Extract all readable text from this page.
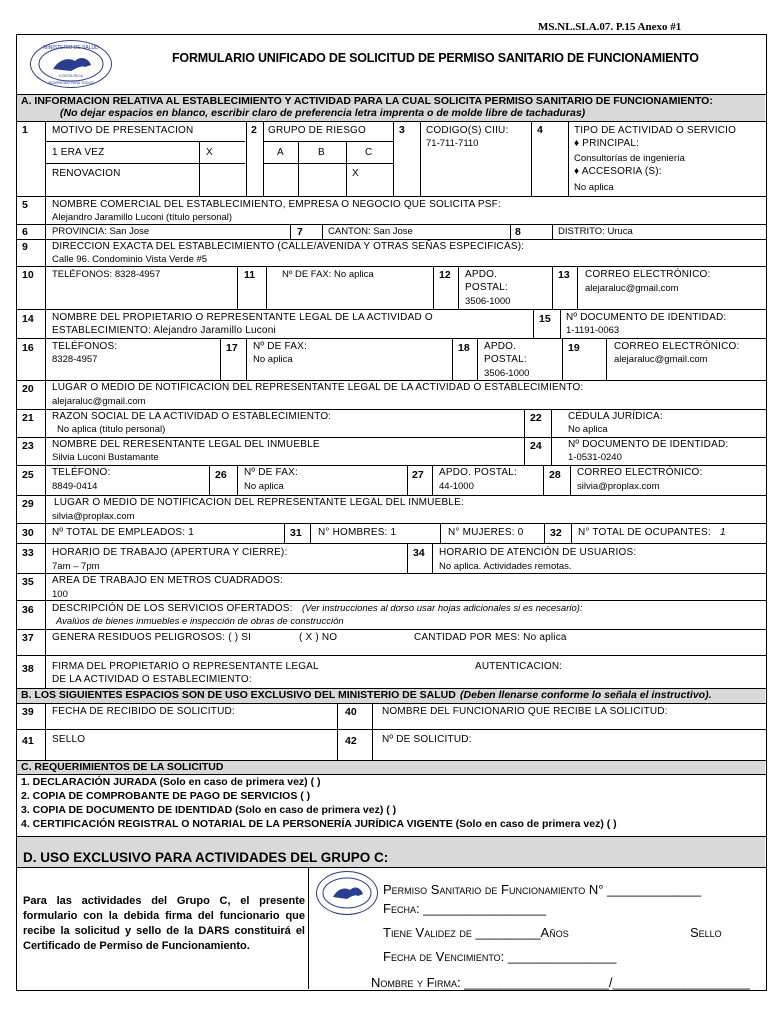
MS.NL.SLA.07. P.15 Anexo #1
MINISTERIO DE SALUD
COSTA RICA
ROMPIENDO PARA TODOS
FORMULARIO UNIFICADO DE SOLICITUD DE PERMISO SANITARIO DE FUNCIONAMIENTO
A. INFORMACION RELATIVA AL ESTABLECIMIENTO Y ACTIVIDAD PARA LA CUAL SOLICITA PERMISO SANITARIO DE FUNCIONAMIENTO:
(No dejar espacios en blanco, escribir claro de preferencia letra imprenta o de molde libre de tachaduras)
1 MOTIVO DE PRESENTACION
1 ERA VEZ	X
RENOVACION
2 GRUPO DE RIESGO
A	B	C
X
3 CODIGO(S) CIIU:
71-711-7110
4	TIPO DE ACTIVIDAD O SERVICIO
♦ PRINCIPAL:
Consultorías de ingeniería
♦ ACCESORIA (S):
No aplica
5 NOMBRE COMERCIAL DEL ESTABLECIMIENTO, EMPRESA O NEGOCIO QUE SOLICITA PSF:
Alejandro Jaramillo Luconi (título personal)
6	PROVINCIA: San Jose	7	CANTON: San Jose	8	DISTRITO: Uruca
9 DIRECCION EXACTA DEL ESTABLECIMIENTO (CALLE/AVENIDA Y OTRAS SEÑAS ESPECIFICAS):
Calle 96. Condominio Vista Verde #5
10 TELÉFONOS: 8328-4957	11	Nº DE FAX: No aplica	12 APDO.
POSTAL:
3506-1000
13 CORREO ELECTRÓNICO:
alejaraluc@gmail.com
14 NOMBRE DEL PROPIETARIO O REPRESENTANTE LEGAL DE LA ACTIVIDAD O
ESTABLECIMIENTO: Alejandro Jaramillo Luconi
15 Nº DOCUMENTO DE IDENTIDAD:
1-1191-0063
16 TELÉFONOS:
8328-4957
17 Nº DE FAX:
No aplica
18 APDO.
POSTAL:
3506-1000
19	CORREO ELECTRÓNICO:
alejaraluc@gmail.com
20 LUGAR O MEDIO DE NOTIFICACION DEL REPRESENTANTE LEGAL DE LA ACTIVIDAD O ESTABLECIMIENTO:
alejaraluc@gmail.com
21 RAZON SOCIAL DE LA ACTIVIDAD O ESTABLECIMIENTO:
No aplica (título personal)
22	CÉDULA JURÍDICA:
No aplica
23 NOMBRE DEL RERESENTANTE LEGAL DEL INMUEBLE
Silvia Luconi Bustamante
24	Nº DOCUMENTO DE IDENTIDAD:
1-0531-0240
25 TELÉFONO:
8849-0414
26 Nº DE FAX:
No aplica
27 APDO. POSTAL:
44-1000
28 CORREO ELECTRÓNICO:
silvia@proplax.com
29 LUGAR O MEDIO DE NOTIFICACION DEL REPRESENTANTE LEGAL DEL INMUEBLE:
silvia@proplax.com
30 Nº TOTAL DE EMPLEADOS: 1	31 N° HOMBRES: 1	N° MUJERES: 0	32 N° TOTAL DE OCUPANTES: 1
33 HORARIO DE TRABAJO (APERTURA Y CIERRE):
7am – 7pm
34 HORARIO DE ATENCIÓN DE USUARIOS:
No aplica. Actividades remotas.
35 AREA DE TRABAJO EN METROS CUADRADOS:
100
36 DESCRIPCIÓN DE LOS SERVICIOS OFERTADOS: (Ver instrucciones al dorso usar hojas adicionales si es necesario):
Avalúos de bienes inmuebles e inspección de obras de construcción
37 GENERA RESIDUOS PELIGROSOS: ( ) SI	( X ) NO	CANTIDAD POR MES: No aplica
38 FIRMA DEL PROPIETARIO O REPRESENTANTE LEGAL
DE LA ACTIVIDAD O ESTABLECIMIENTO:
AUTENTICACION:
B. LOS SIGUIENTES ESPACIOS SON DE USO EXCLUSIVO DEL MINISTERIO DE SALUD (Deben llenarse conforme lo señala el instructivo).
39 FECHA DE RECIBIDO DE SOLICITUD:	40	NOMBRE DEL FUNCIONARIO QUE RECIBE LA SOLICITUD:
41 SELLO	42	Nº DE SOLICITUD:
C. REQUERIMIENTOS DE LA SOLICITUD
1. DECLARACIÓN JURADA (Solo en caso de primera vez) ( )
2. COPIA DE COMPROBANTE DE PAGO DE SERVICIOS ( )
3. COPIA DE DOCUMENTO DE IDENTIDAD (Solo en caso de primera vez) ( )
4. CERTIFICACIÓN REGISTRAL O NOTARIAL DE LA PERSONERÍA JURÍDICA VIGENTE (Solo en caso de primera vez) ( )
D. USO EXCLUSIVO PARA ACTIVIDADES DEL GRUPO C:
Para las actividades del Grupo C, el presente formulario con la debida firma del funcionario que recibe la solicitud y sello de la DARS constituirá el Certificado de Permiso de Funcionamiento.
Permiso Sanitario de Funcionamiento N° _____________
Fecha: _________________
Tiene Validez de _________Años	Sello
Fecha de Vencimiento: _______________
Nombre y Firma: ____________________/___________________
